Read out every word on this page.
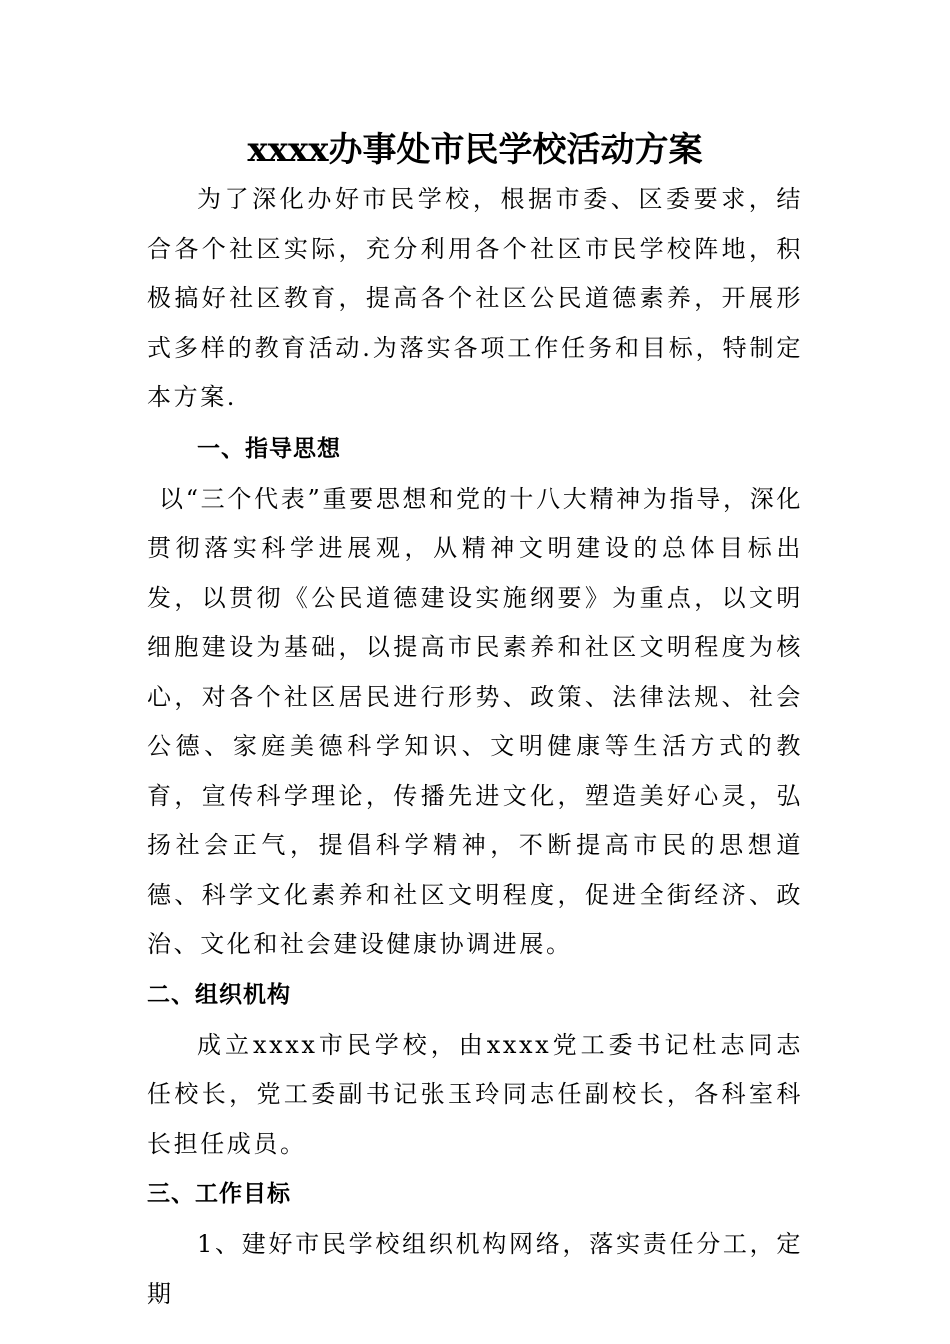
xxxx办事处市民学校活动方案

为了深化办好市民学校，根据市委、区委要求，结合各个社区实际，充分利用各个社区市民学校阵地，积极搞好社区教育，提高各个社区公民道德素养，开展形式多样的教育活动.为落实各项工作任务和目标，特制定本方案.

一、指导思想

以“三个代表”重要思想和党的十八大精神为指导，深化贯彻落实科学进展观，从精神文明建设的总体目标出发，以贯彻《公民道德建设实施纲要》为重点，以文明细胞建设为基础，以提高市民素养和社区文明程度为核心，对各个社区居民进行形势、政策、法律法规、社会公德、家庭美德科学知识、文明健康等生活方式的教育，宣传科学理论，传播先进文化，塑造美好心灵，弘扬社会正气，提倡科学精神，不断提高市民的思想道德、科学文化素养和社区文明程度，促进全街经济、政治、文化和社会建设健康协调进展。

二、组织机构

成立xxxx市民学校，由xxxx党工委书记杜志同志任校长，党工委副书记张玉玲同志任副校长，各科室科长担任成员。

三、工作目标

1、建好市民学校组织机构网络，落实责任分工，定期
